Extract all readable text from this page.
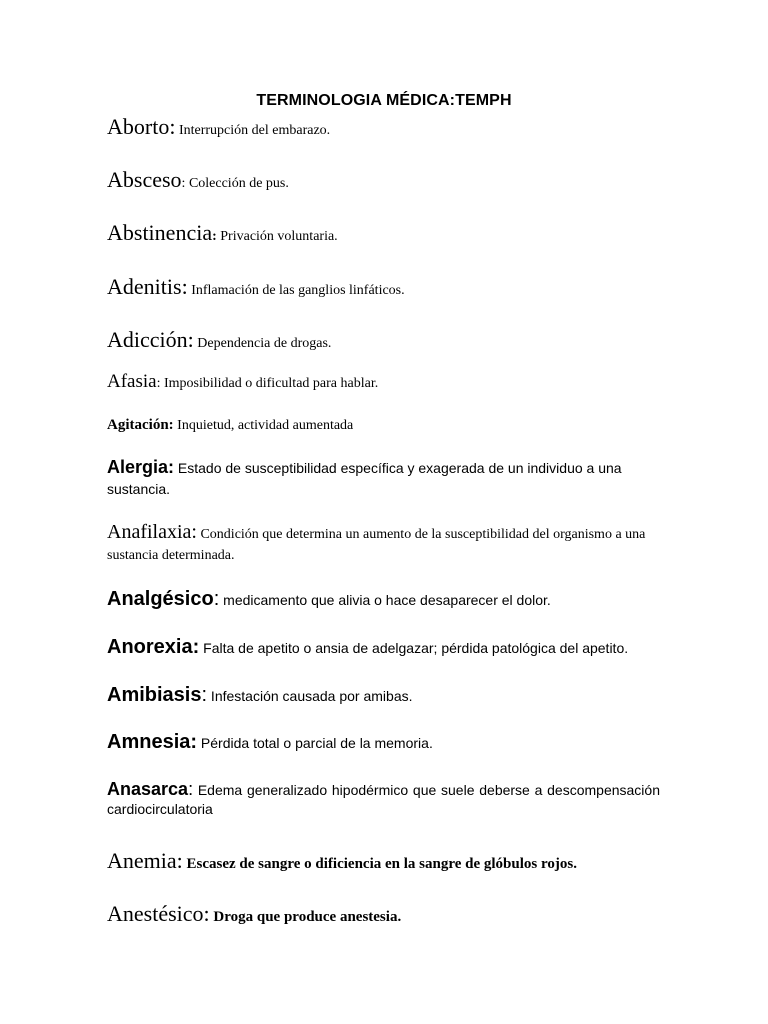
TERMINOLOGIA MÉDICA:TEMPH

Aborto: Interrupción del embarazo.

Absceso: Colección de pus.

Abstinencia: Privación voluntaria.

Adenitis: Inflamación de las ganglios linfáticos.

Adicción: Dependencia de drogas.

Afasia: Imposibilidad o dificultad para hablar.

Agitación: Inquietud, actividad aumentada

Alergia: Estado de susceptibilidad específica y exagerada de un individuo a una sustancia.

Anafilaxia: Condición que determina un aumento de la susceptibilidad del organismo a una sustancia determinada.

Analgésico: medicamento que alivia o hace desaparecer el dolor.

Anorexia: Falta de apetito o ansia de adelgazar; pérdida patológica del apetito.

Amibiasis: Infestación causada por amibas.

Amnesia: Pérdida total o parcial de la memoria.

Anasarca: Edema generalizado hipodérmico que suele deberse a descompensación cardiocirculatoria

Anemia: Escasez de sangre o dificiencia en la sangre de glóbulos rojos.

Anestésico: Droga que produce anestesia.
